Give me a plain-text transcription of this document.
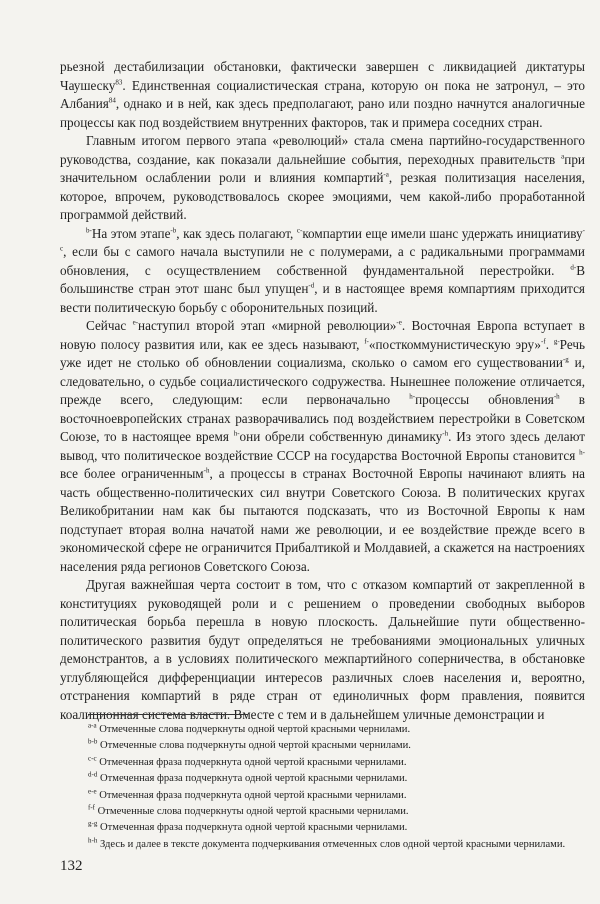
рьезной дестабилизации обстановки, фактически завершен с ликвидацией диктатуры Чаушеску$^{83}$. Единственная социалистическая страна, которую он пока не затронул, – это Албания$^{84}$, однако и в ней, как здесь предполагают, рано или поздно начнутся аналогичные процессы как под воздействием внутренних факторов, так и примера соседних стран.

Главным итогом первого этапа «революций» стала смена партийно-государственного руководства, создание, как показали дальнейшие события, переходных правительств $^а$при значительном ослаблении роли и влияния компартий$^{-а}$, резкая политизация населения, которое, впрочем, руководствовалось скорее эмоциями, чем какой-либо проработанной программой действий.

$^{b-}$На этом этапе$^{-b}$, как здесь полагают, $^{c-}$компартии еще имели шанс удержать инициативу$^{-c}$, если бы с самого начала выступили не с полумерами, а с радикальными программами обновления, с осуществлением собственной фундаментальной перестройки. $^{d-}$В большинстве стран этот шанс был упущен$^{-d}$, и в настоящее время компартиям приходится вести политическую борьбу с оборонительных позиций.

Сейчас $^{e-}$наступил второй этап «мирной революции»$^{-e}$. Восточная Европа вступает в новую полосу развития или, как ее здесь называют, $^{f-}$«посткоммунистическую эру»$^{-f}$. $^{g-}$Речь уже идет не столько об обновлении социализма, сколько о самом его существовании$^{-g}$ и, следовательно, о судьбе социалистического содружества. Нынешнее положение отличается, прежде всего, следующим: если первоначально $^{h-}$процессы обновления$^{-h}$ в восточноевропейских странах разворачивались под воздействием перестройки в Советском Союзе, то в настоящее время $^{h-}$они обрели собственную динамику$^{-h}$. Из этого здесь делают вывод, что политическое воздействие СССР на государства Восточной Европы становится $^{h-}$все более ограниченным$^{-h}$, а процессы в странах Восточной Европы начинают влиять на часть общественно-политических сил внутри Советского Союза. В политических кругах Великобритании нам как бы пытаются подсказать, что из Восточной Европы к нам подступает вторая волна начатой нами же революции, и ее воздействие прежде всего в экономической сфере не ограничится Прибалтикой и Молдавией, а скажется на настроениях населения ряда регионов Советского Союза.

Другая важнейшая черта состоит в том, что с отказом компартий от закрепленной в конституциях руководящей роли и с решением о проведении свободных выборов политическая борьба перешла в новую плоскость. Дальнейшие пути общественно-политического развития будут определяться не требованиями эмоциональных уличных демонстрантов, а в условиях политического межпартийного соперничества, в обстановке углубляющейся дифференциации интересов различных слоев населения и, вероятно, отстранения компартий в ряде стран от единоличных форм правления, появится коалиционная система власти. Вместе с тем и в дальнейшем уличные демонстрации и

$^{a-a}$ Отмеченные слова подчеркнуты одной чертой красными чернилами.
$^{b-b}$ Отмеченные слова подчеркнуты одной чертой красными чернилами.
$^{c-c}$ Отмеченная фраза подчеркнута одной чертой красными чернилами.
$^{d-d}$ Отмеченная фраза подчеркнута одной чертой красными чернилами.
$^{e-e}$ Отмеченная фраза подчеркнута одной чертой красными чернилами.
$^{f-f}$ Отмеченные слова подчеркнуты одной чертой красными чернилами.
$^{g-g}$ Отмеченная фраза подчеркнута одной чертой красными чернилами.
$^{h-h}$ Здесь и далее в тексте документа подчеркивания отмеченных слов одной чертой красными чернилами.
132
